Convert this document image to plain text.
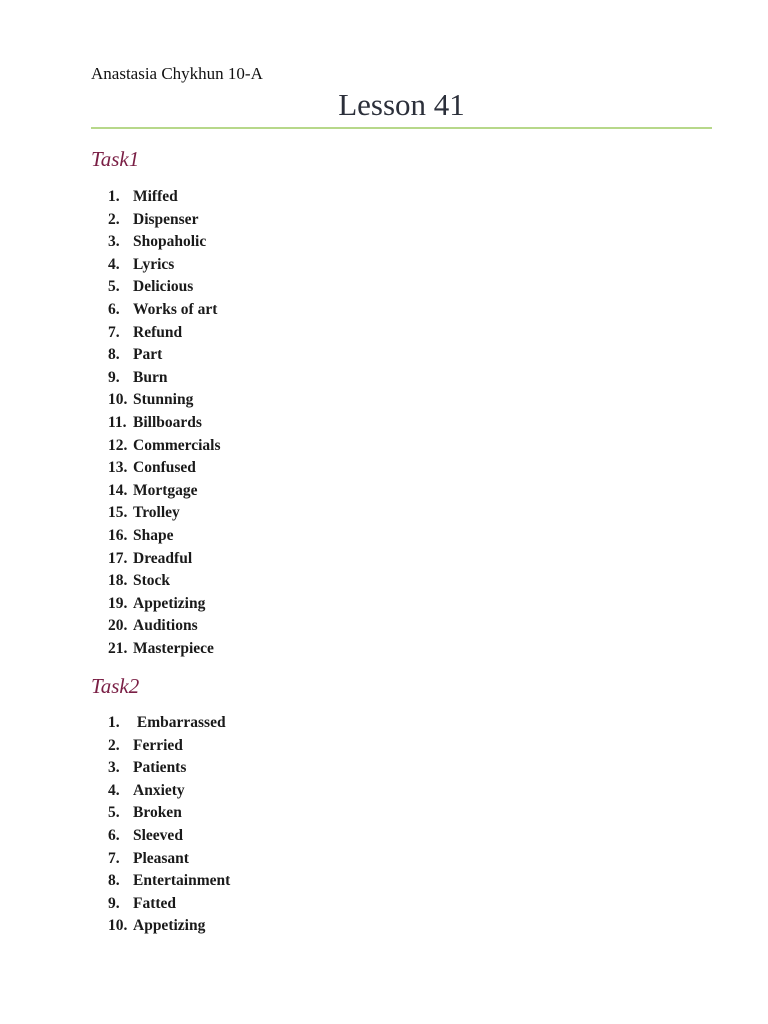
Anastasia Chykhun 10-A
Lesson 41
Task1
1. Miffed
2. Dispenser
3. Shopaholic
4. Lyrics
5. Delicious
6. Works of art
7. Refund
8. Part
9. Burn
10. Stunning
11. Billboards
12. Commercials
13. Confused
14. Mortgage
15. Trolley
16. Shape
17. Dreadful
18. Stock
19. Appetizing
20. Auditions
21. Masterpiece
Task2
1. Embarrassed
2. Ferried
3. Patients
4. Anxiety
5. Broken
6. Sleeved
7. Pleasant
8. Entertainment
9. Fatted
10. Appetizing
